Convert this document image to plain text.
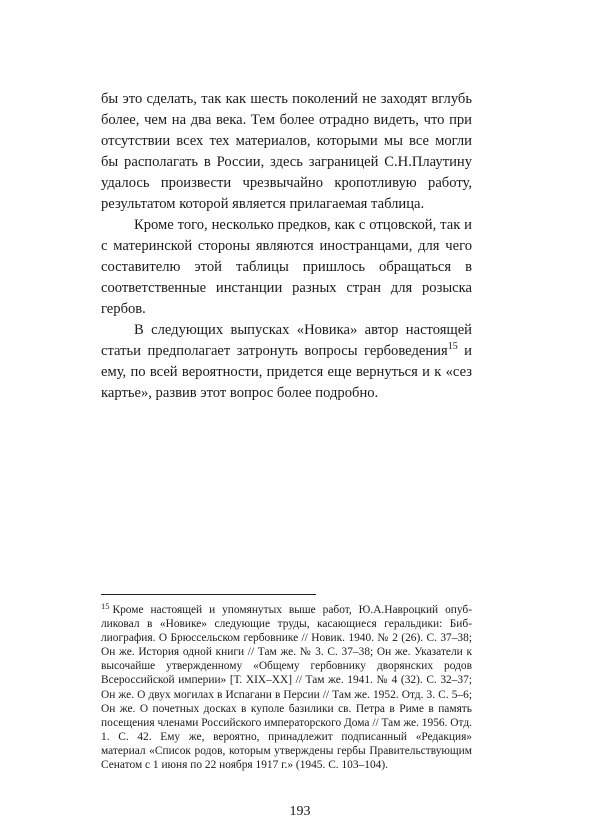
бы это сделать, так как шесть поколений не заходят вглубь более, чем на два века. Тем более отрадно видеть, что при отсутствии всех тех материалов, которыми мы все могли бы располагать в России, здесь заграницей С.Н.Плаутину удалось произвести чрезвычайно кропотливую работу, результатом которой является прилагаемая таблица.

Кроме того, несколько предков, как с отцовской, так и с материнской стороны являются иностранцами, для чего составителю этой таблицы пришлось обращаться в соответственные инстанции разных стран для розыска гербов.

В следующих выпусках «Новика» автор настоящей статьи предполагает затронуть вопросы гербоведения$^{15}$ и ему, по всей вероятности, придется еще вернуться и к «сез картье», развив этот вопрос более подробно.

$^{15}$ Кроме настоящей и упомянутых выше работ, Ю.А.Навроцкий опубликовал в «Новике» следующие труды, касающиеся геральдики: Библиография. О Брюссельском гербовнике // Новик. 1940. № 2 (26). С. 37–38; Он же. История одной книги // Там же. № 3. С. 37–38; Он же. Указатели к высочайше утвержденному «Общему гербовнику дворянских родов Всероссийской империи» [Т. XIX–XX] // Там же. 1941. № 4 (32). С. 32–37; Он же. О двух могилах в Испагани в Персии // Там же. 1952. Отд. 3. С. 5–6; Он же. О почетных досках в куполе базилики св. Петра в Риме в память посещения членами Российского императорского Дома // Там же. 1956. Отд. 1. С. 42. Ему же, вероятно, принадлежит подписанный «Редакция» материал «Список родов, которым утверждены гербы Правительствующим Сенатом с 1 июня по 22 ноября 1917 г.» (1945. С. 103–104).
193
